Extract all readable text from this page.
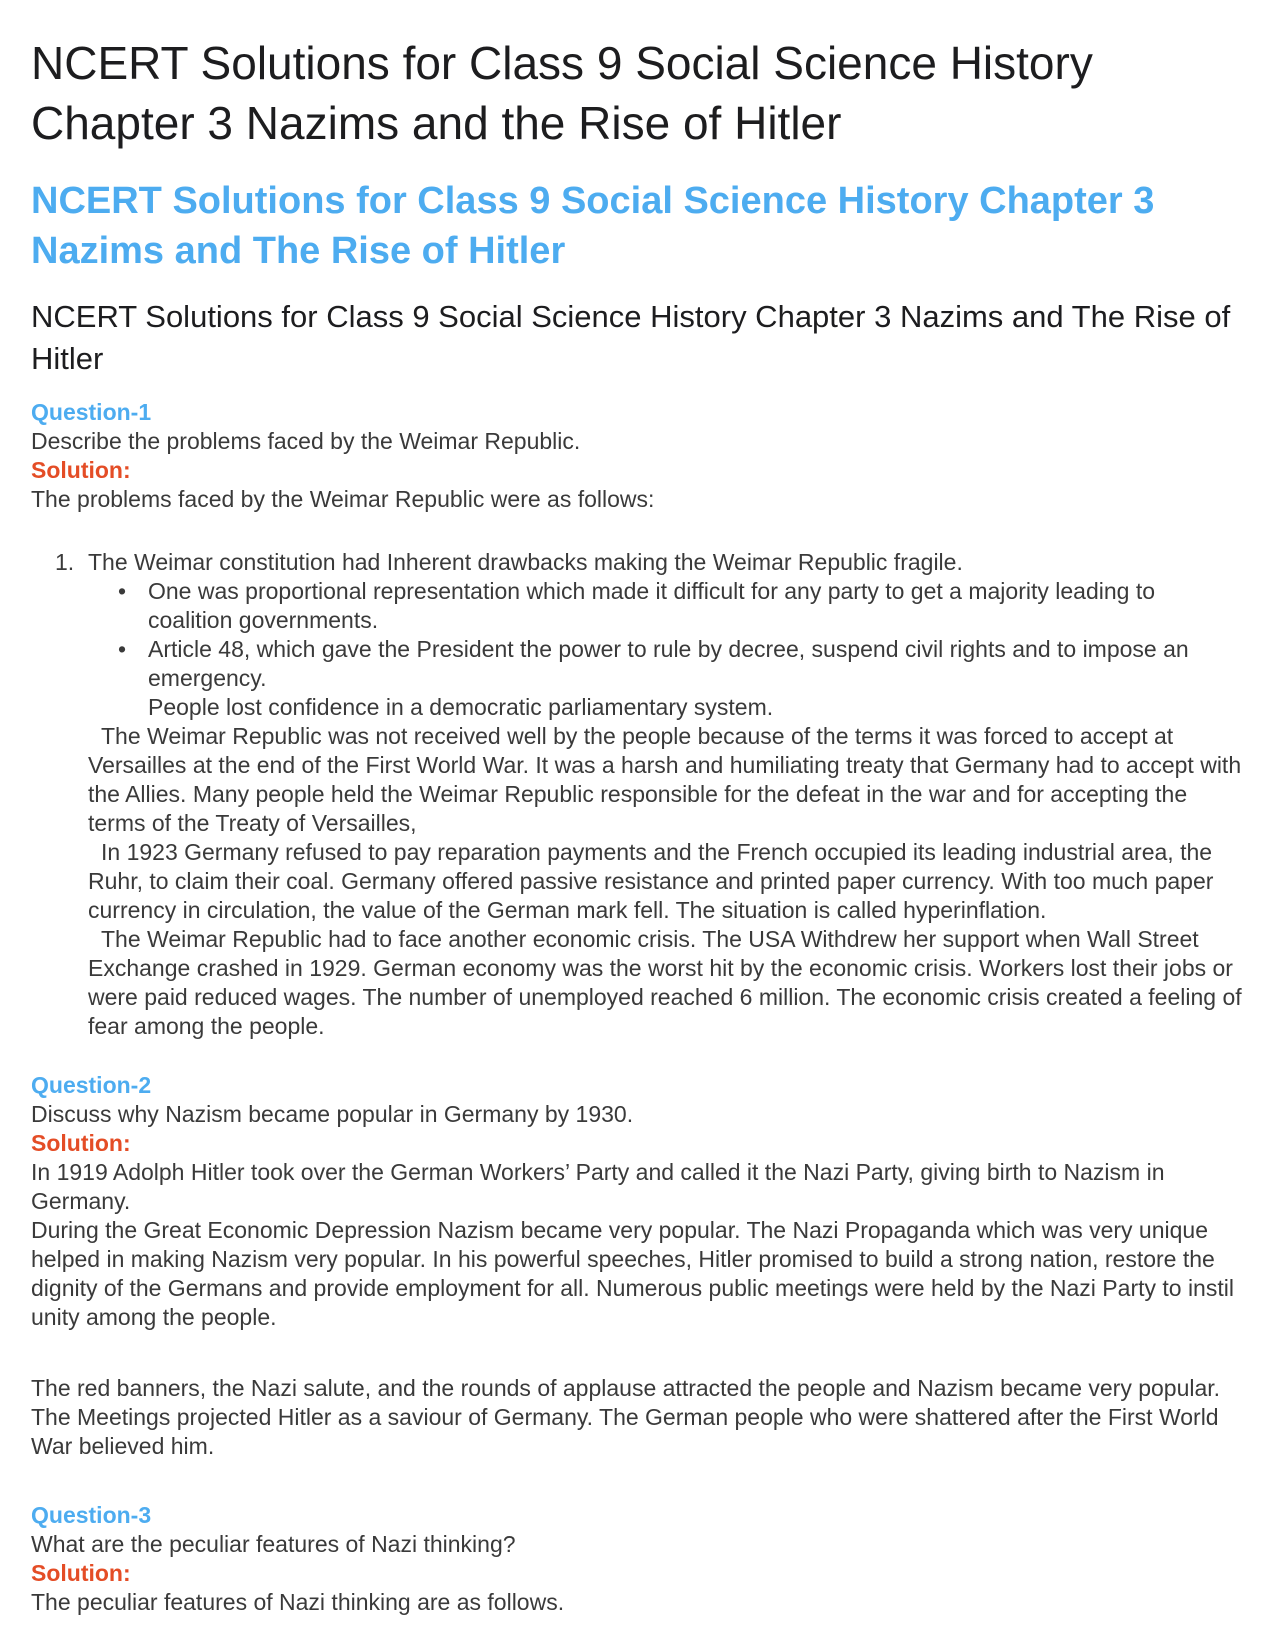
NCERT Solutions for Class 9 Social Science History Chapter 3 Nazims and the Rise of Hitler
NCERT Solutions for Class 9 Social Science History Chapter 3 Nazims and The Rise of Hitler
NCERT Solutions for Class 9 Social Science History Chapter 3 Nazims and The Rise of Hitler
Question-1
Describe the problems faced by the Weimar Republic.
Solution:
The problems faced by the Weimar Republic were as follows:
1. The Weimar constitution had Inherent drawbacks making the Weimar Republic fragile.
• One was proportional representation which made it difficult for any party to get a majority leading to coalition governments.
• Article 48, which gave the President the power to rule by decree, suspend civil rights and to impose an emergency.
People lost confidence in a democratic parliamentary system.

The Weimar Republic was not received well by the people because of the terms it was forced to accept at Versailles at the end of the First World War. It was a harsh and humiliating treaty that Germany had to accept with the Allies. Many people held the Weimar Republic responsible for the defeat in the war and for accepting the terms of the Treaty of Versailles,

In 1923 Germany refused to pay reparation payments and the French occupied its leading industrial area, the Ruhr, to claim their coal. Germany offered passive resistance and printed paper currency. With too much paper currency in circulation, the value of the German mark fell. The situation is called hyperinflation.

The Weimar Republic had to face another economic crisis. The USA Withdrew her support when Wall Street Exchange crashed in 1929. German economy was the worst hit by the economic crisis. Workers lost their jobs or were paid reduced wages. The number of unemployed reached 6 million. The economic crisis created a feeling of fear among the people.

Question-2
Discuss why Nazism became popular in Germany by 1930.
Solution:

In 1919 Adolph Hitler took over the German Workers’ Party and called it the Nazi Party, giving birth to Nazism in Germany.

During the Great Economic Depression Nazism became very popular. The Nazi Propaganda which was very unique helped in making Nazism very popular. In his powerful speeches, Hitler promised to build a strong nation, restore the dignity of the Germans and provide employment for all. Numerous public meetings were held by the Nazi Party to instil unity among the people.

The red banners, the Nazi salute, and the rounds of applause attracted the people and Nazism became very popular. The Meetings projected Hitler as a saviour of Germany. The German people who were shattered after the First World War believed him.

Question-3
What are the peculiar features of Nazi thinking?
Solution:

The peculiar features of Nazi thinking are as follows.
